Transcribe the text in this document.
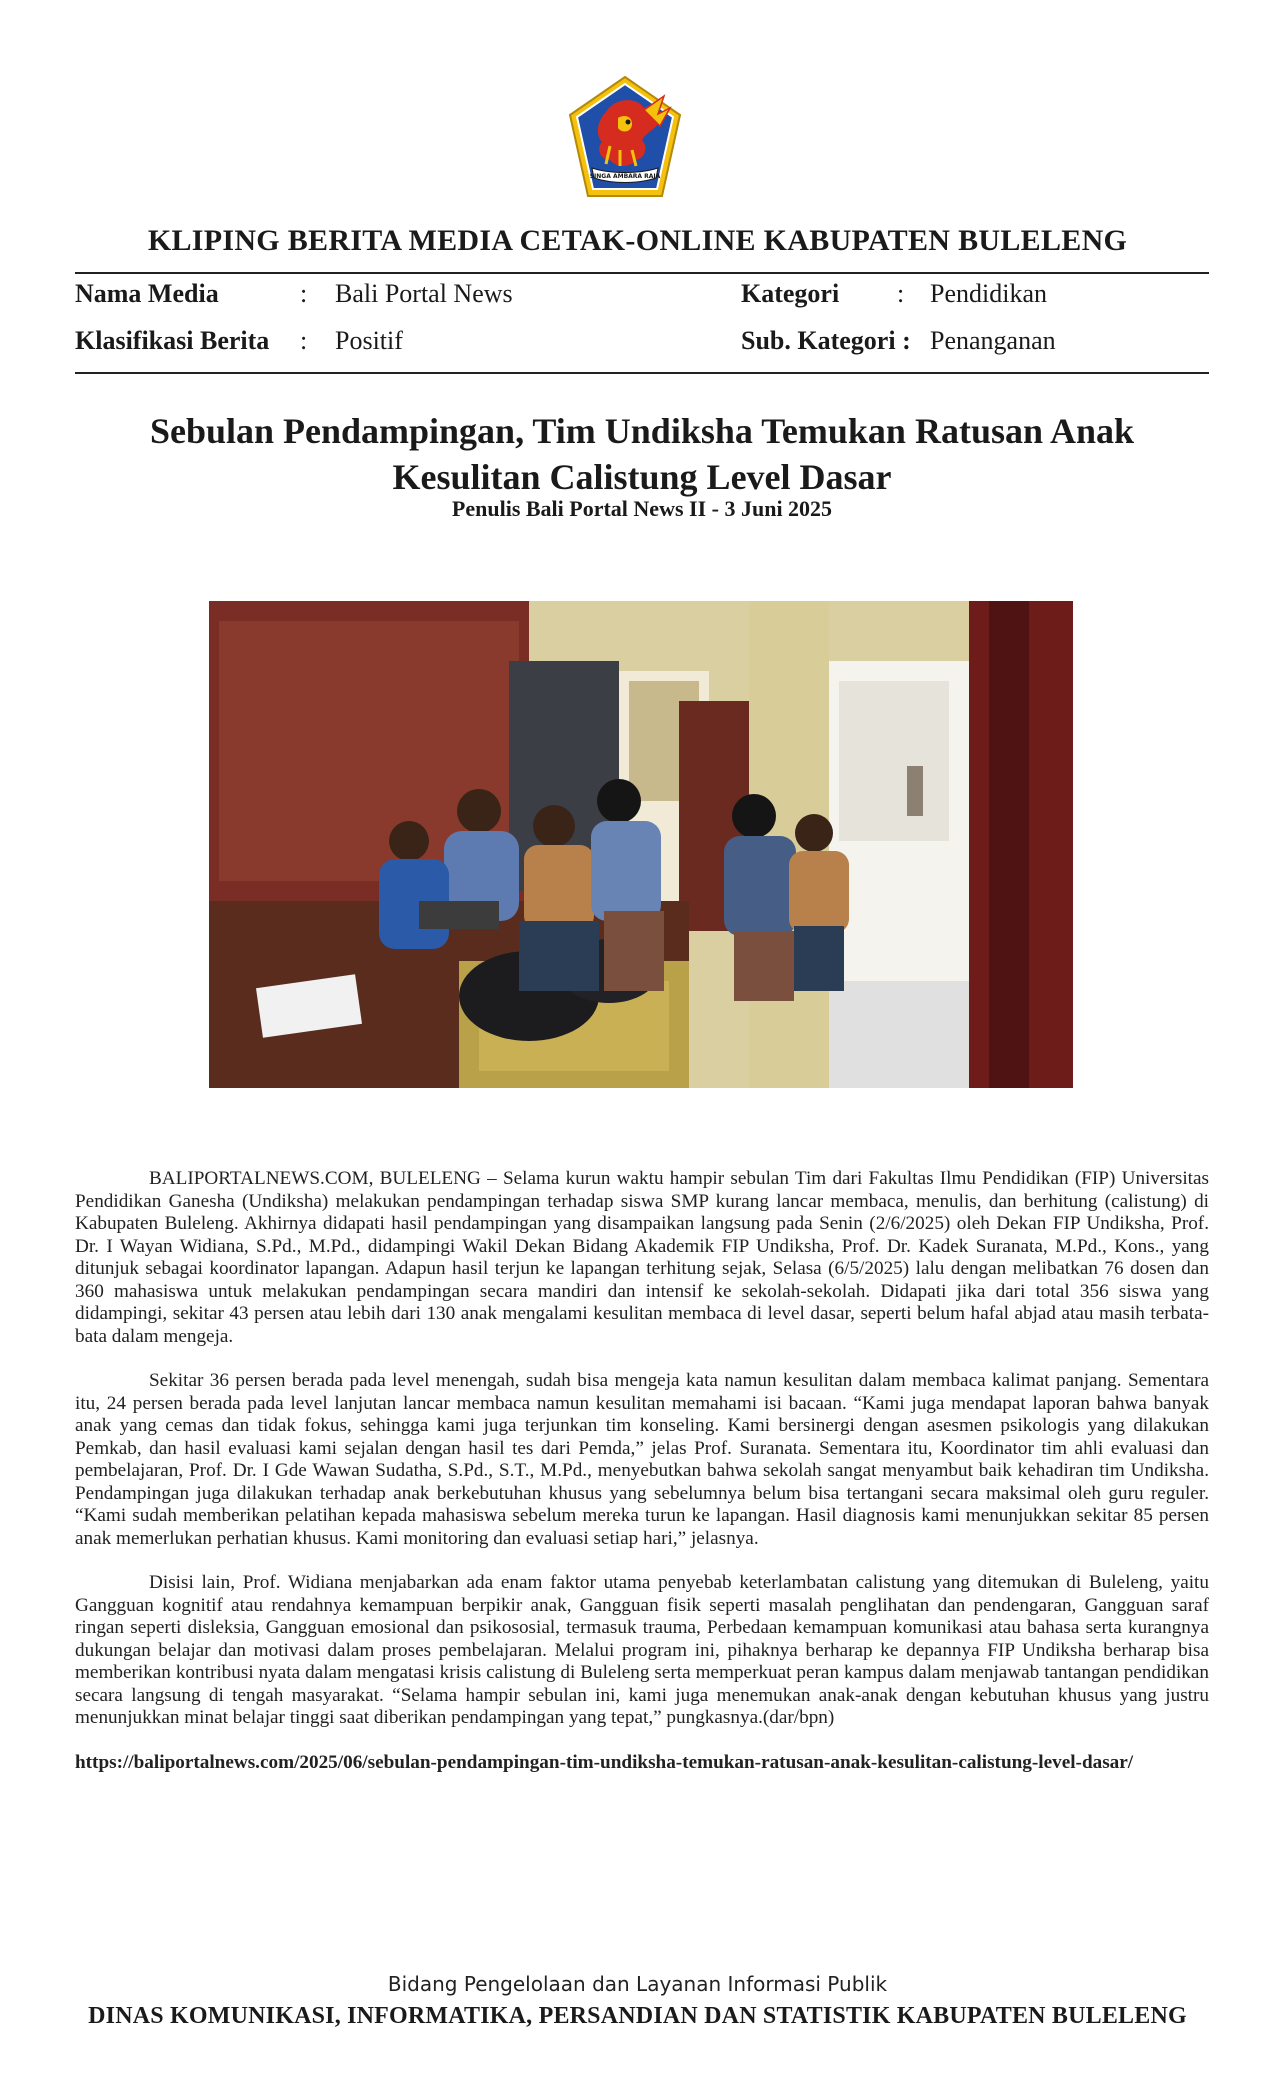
SINGA AMBARA RAJA
KLIPING BERITA MEDIA CETAK-ONLINE KABUPATEN BULELENG
Nama Media	: Bali Portal News
Klasifikasi Berita : Positif
Kategori : Pendidikan
Sub. Kategori : Penanganan
Sebulan Pendampingan, Tim Undiksha Temukan Ratusan Anak
Kesulitan Calistung Level Dasar
Penulis Bali Portal News II - 3 Juni 2025

BALIPORTALNEWS.COM, BULELENG – Selama kurun waktu hampir sebulan Tim dari Fakultas Ilmu Pendidikan (FIP) Universitas Pendidikan Ganesha (Undiksha) melakukan pendampingan terhadap siswa SMP kurang lancar membaca, menulis, dan berhitung (calistung) di Kabupaten Buleleng. Akhirnya didapati hasil pendampingan yang disampaikan langsung pada Senin (2/6/2025) oleh Dekan FIP Undiksha, Prof. Dr. I Wayan Widiana, S.Pd., M.Pd., didampingi Wakil Dekan Bidang Akademik FIP Undiksha, Prof. Dr. Kadek Suranata, M.Pd., Kons., yang ditunjuk sebagai koordinator lapangan. Adapun hasil terjun ke lapangan terhitung sejak, Selasa (6/5/2025) lalu dengan melibatkan 76 dosen dan 360 mahasiswa untuk melakukan pendampingan secara mandiri dan intensif ke sekolah-sekolah. Didapati jika dari total 356 siswa yang didampingi, sekitar 43 persen atau lebih dari 130 anak mengalami kesulitan membaca di level dasar, seperti belum hafal abjad atau masih terbata-bata dalam mengeja.

Sekitar 36 persen berada pada level menengah, sudah bisa mengeja kata namun kesulitan dalam membaca kalimat panjang. Sementara itu, 24 persen berada pada level lanjutan lancar membaca namun kesulitan memahami isi bacaan. “Kami juga mendapat laporan bahwa banyak anak yang cemas dan tidak fokus, sehingga kami juga terjunkan tim konseling. Kami bersinergi dengan asesmen psikologis yang dilakukan Pemkab, dan hasil evaluasi kami sejalan dengan hasil tes dari Pemda,” jelas Prof. Suranata. Sementara itu, Koordinator tim ahli evaluasi dan pembelajaran, Prof. Dr. I Gde Wawan Sudatha, S.Pd., S.T., M.Pd., menyebutkan bahwa sekolah sangat menyambut baik kehadiran tim Undiksha. Pendampingan juga dilakukan terhadap anak berkebutuhan khusus yang sebelumnya belum bisa tertangani secara maksimal oleh guru reguler. “Kami sudah memberikan pelatihan kepada mahasiswa sebelum mereka turun ke lapangan. Hasil diagnosis kami menunjukkan sekitar 85 persen anak memerlukan perhatian khusus. Kami monitoring dan evaluasi setiap hari,” jelasnya.

Disisi lain, Prof. Widiana menjabarkan ada enam faktor utama penyebab keterlambatan calistung yang ditemukan di Buleleng, yaitu Gangguan kognitif atau rendahnya kemampuan berpikir anak, Gangguan fisik seperti masalah penglihatan dan pendengaran, Gangguan saraf ringan seperti disleksia, Gangguan emosional dan psikososial, termasuk trauma, Perbedaan kemampuan komunikasi atau bahasa serta kurangnya dukungan belajar dan motivasi dalam proses pembelajaran. Melalui program ini, pihaknya berharap ke depannya FIP Undiksha berharap bisa memberikan kontribusi nyata dalam mengatasi krisis calistung di Buleleng serta memperkuat peran kampus dalam menjawab tantangan pendidikan secara langsung di tengah masyarakat. “Selama hampir sebulan ini, kami juga menemukan anak-anak dengan kebutuhan khusus yang justru menunjukkan minat belajar tinggi saat diberikan pendampingan yang tepat,” pungkasnya.(dar/bpn)

https://baliportalnews.com/2025/06/sebulan-pendampingan-tim-undiksha-temukan-ratusan-anak-kesulitan-calistung-level-dasar/

Bidang Pengelolaan dan Layanan Informasi Publik
DINAS KOMUNIKASI, INFORMATIKA, PERSANDIAN DAN STATISTIK KABUPATEN BULELENG
